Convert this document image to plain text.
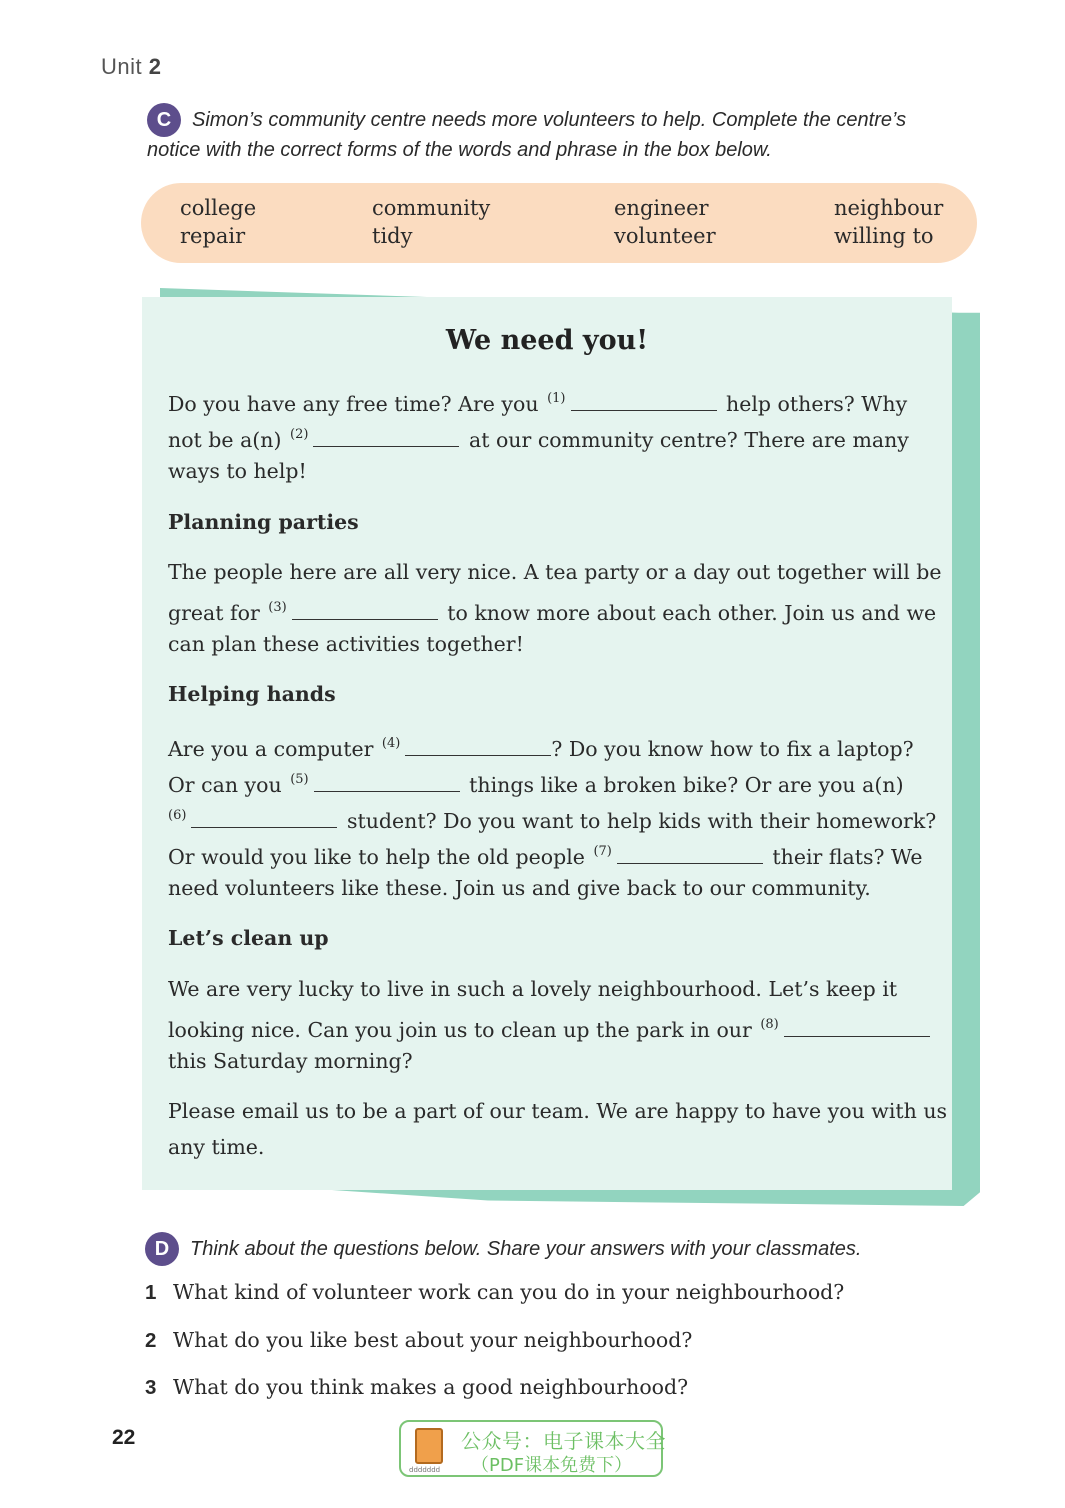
Unit 2
C	Simon’s community centre needs more volunteers to help. Complete the centre’s
notice with the correct forms of the words and phrase in the box below.
college
repair
community
tidy
engineer
volunteer
neighbour
willing to
We need you!
Do you have any free time? Are you $^{(1)}$	help others? Why
not be a(n) $^{(2)}$	at our community centre? There are many
ways to help!
Planning parties
The people here are all very nice. A tea party or a day out together will be
great for $^{(3)}$	to know more about each other. Join us and we
can plan these activities together!
Helping hands
Are you a computer $^{(4)}$	? Do you know how to fix a laptop?
Or can you $^{(5)}$	things like a broken bike? Or are you a(n)
$^{(6)}$	student? Do you want to help kids with their homework?
Or would you like to help the old people $^{(7)}$	their flats? We
need volunteers like these. Join us and give back to our community.
Let’s clean up
We are very lucky to live in such a lovely neighbourhood. Let’s keep it
looking nice. Can you join us to clean up the park in our $^{(8)}$
this Saturday morning?
Please email us to be a part of our team. We are happy to have you with us
any time.
D	Think about the questions below. Share your answers with your classmates.
1 What kind of volunteer work can you do in your neighbourhood?
2 What do you like best about your neighbourhood?
3 What do you think makes a good neighbourhood?
22
ddddddd
公众号：电子课本大全
（PDF课本免费下）
